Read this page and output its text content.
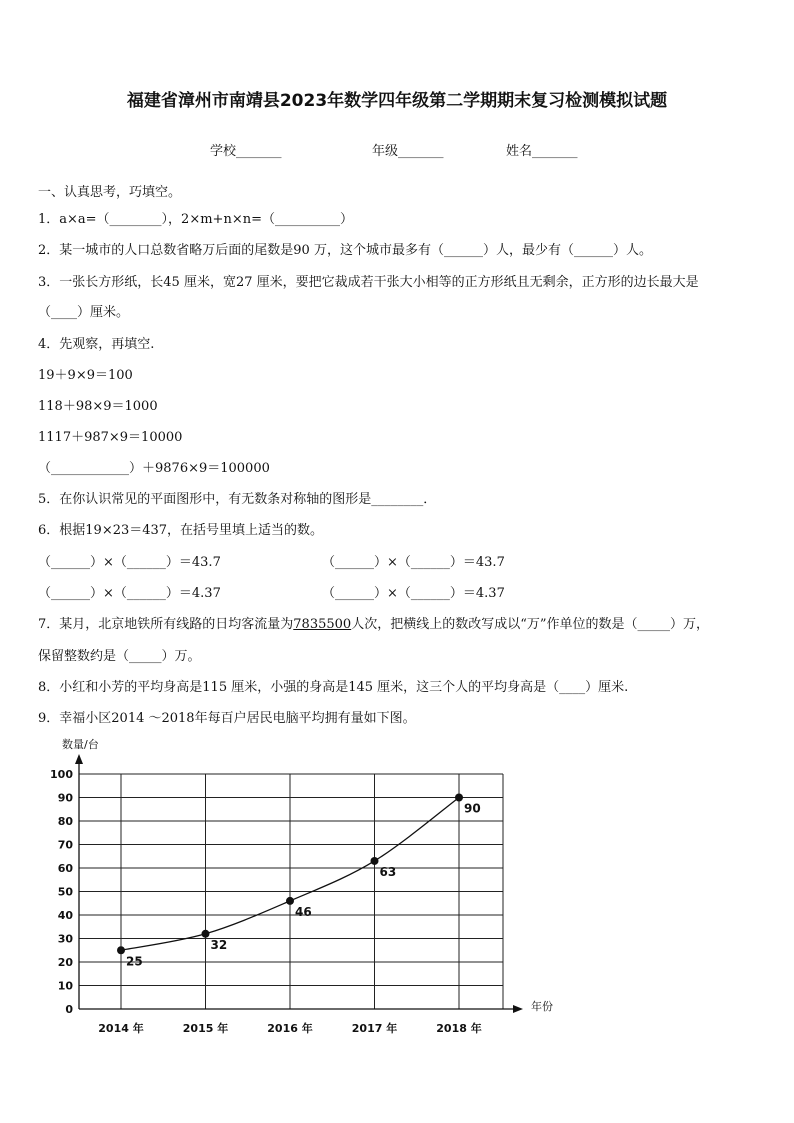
福建省漳州市南靖县2023年数学四年级第二学期期末复习检测模拟试题
学校_______	年级_______	姓名_______
一、认真思考，巧填空。
1．a×a=（________），2×m+n×n=（__________）
2．某一城市的人口总数省略万后面的尾数是90 万，这个城市最多有（______）人，最少有（______）人。
3．一张长方形纸，长45 厘米，宽27 厘米，要把它裁成若干张大小相等的正方形纸且无剩余，正方形的边长最大是
（____）厘米。
4．先观察，再填空.
19＋9×9＝100
118＋98×9＝1000
1117＋987×9＝10000
（____________）＋9876×9＝100000
5．在你认识常见的平面图形中，有无数条对称轴的图形是________．
6．根据19×23＝437，在括号里填上适当的数。
（______）×（______）＝43.7	（______）×（______）＝43.7
（______）×（______）＝4.37	（______）×（______）＝4.37
7．某月，北京地铁所有线路的日均客流量为7835500人次，把横线上的数改写成以“万”作单位的数是（_____）万，
保留整数约是（_____）万。
8．小红和小芳的平均身高是115 厘米，小强的身高是145 厘米，这三个人的平均身高是（____）厘米.
9．幸福小区2014 ～2018年每百户居民电脑平均拥有量如下图。
数量/台
年份
0
10
20
30
40
50
60
70
80
90
100
2014 年	2015 年	2016 年	2017 年	2018 年
25
32
46
63
90
